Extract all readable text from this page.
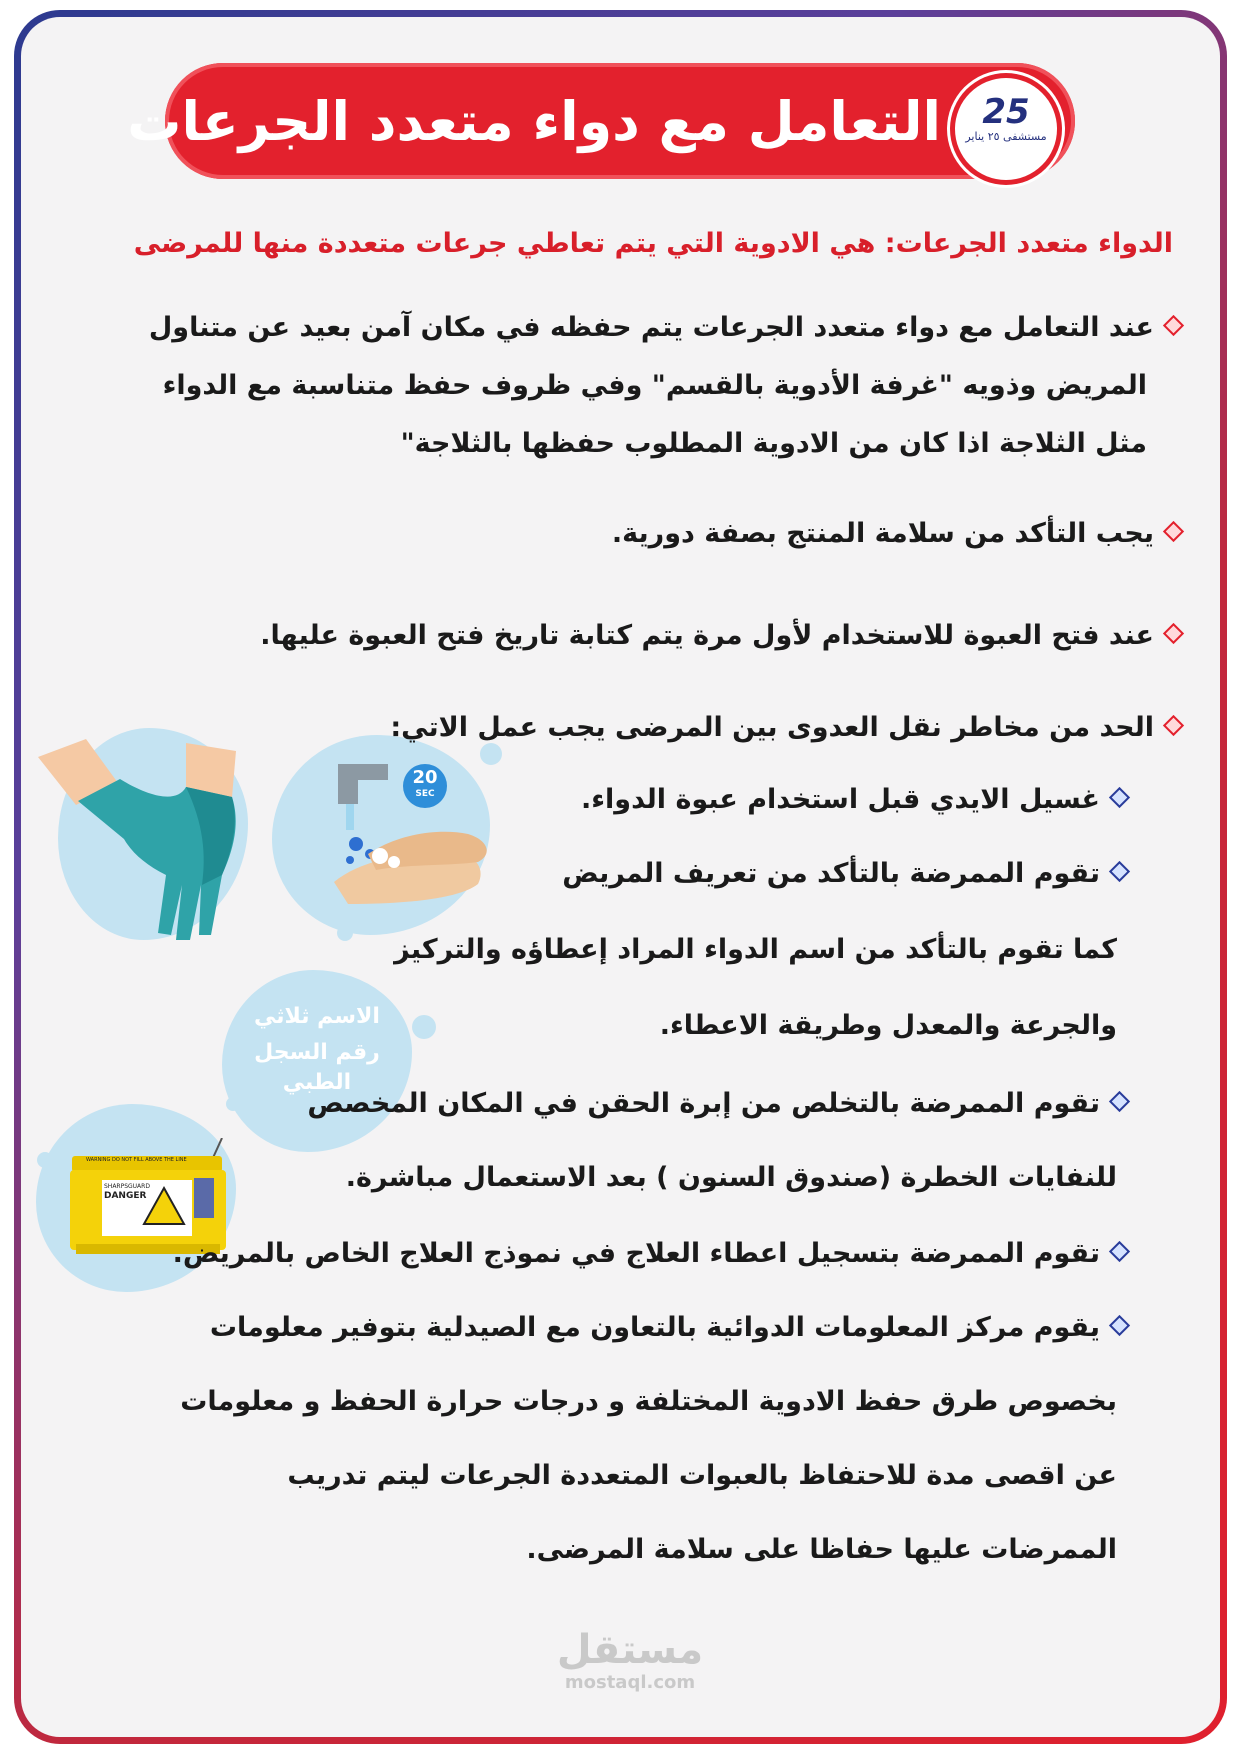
التعامل مع دواء متعدد الجرعات	25
مستشفى ٢٥ يناير
الدواء متعدد الجرعات: هي الادوية التي يتم تعاطي جرعات متعددة منها للمرضى
20
SEC
الاسم ثلاثي
رقم السجل
الطبي
WARNING DO NOT FILL ABOVE THE LINE
SHARPSGUARD
DANGER
عند التعامل مع دواء متعدد الجرعات يتم حفظه في مكان آمن بعيد عن متناول
المريض وذويه "غرفة الأدوية بالقسم" وفي ظروف حفظ متناسبة مع الدواء
مثل الثلاجة اذا كان من الادوية المطلوب حفظها بالثلاجة"
يجب التأكد من سلامة المنتج بصفة دورية.
عند فتح العبوة للاستخدام لأول مرة يتم كتابة تاريخ فتح العبوة عليها.
الحد من مخاطر نقل العدوى بين المرضى يجب عمل الاتي:
غسيل الايدي قبل استخدام عبوة الدواء.
تقوم الممرضة بالتأكد من تعريف المريض
كما تقوم بالتأكد من اسم الدواء المراد إعطاؤه والتركيز
والجرعة والمعدل وطريقة الاعطاء.
تقوم الممرضة بالتخلص من إبرة الحقن في المكان المخصص
للنفايات الخطرة (صندوق السنون ) بعد الاستعمال مباشرة.
تقوم الممرضة بتسجيل اعطاء العلاج في نموذج العلاج الخاص بالمريض.
يقوم مركز المعلومات الدوائية بالتعاون مع الصيدلية بتوفير معلومات
بخصوص طرق حفظ الادوية المختلفة و درجات حرارة الحفظ و معلومات
عن اقصى مدة للاحتفاظ بالعبوات المتعددة الجرعات ليتم تدريب
الممرضات عليها حفاظا على سلامة المرضى.
مستقل
mostaql.com
